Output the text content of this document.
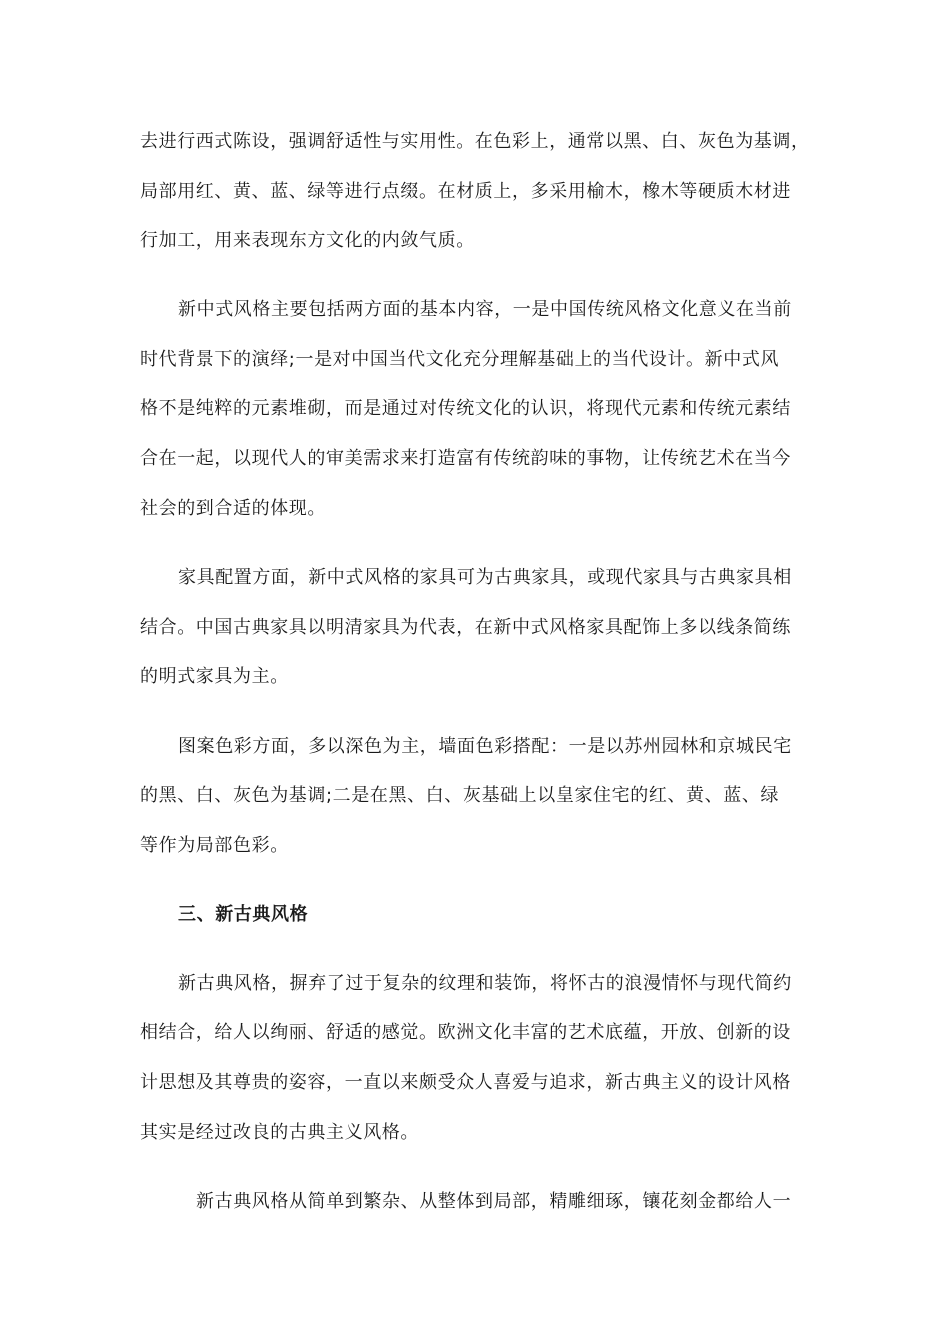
去进行西式陈设，强调舒适性与实用性。在色彩上，通常以黑、白、灰色为基调，
局部用红、黄、蓝、绿等进行点缀。在材质上，多采用榆木，橡木等硬质木材进
行加工，用来表现东方文化的内敛气质。
新中式风格主要包括两方面的基本内容，一是中国传统风格文化意义在当前
时代背景下的演绎;一是对中国当代文化充分理解基础上的当代设计。新中式风
格不是纯粹的元素堆砌，而是通过对传统文化的认识，将现代元素和传统元素结
合在一起，以现代人的审美需求来打造富有传统韵味的事物，让传统艺术在当今
社会的到合适的体现。
家具配置方面，新中式风格的家具可为古典家具，或现代家具与古典家具相
结合。中国古典家具以明清家具为代表，在新中式风格家具配饰上多以线条简练
的明式家具为主。
图案色彩方面，多以深色为主，墙面色彩搭配：一是以苏州园林和京城民宅
的黑、白、灰色为基调;二是在黑、白、灰基础上以皇家住宅的红、黄、蓝、绿
等作为局部色彩。
三、新古典风格
新古典风格，摒弃了过于复杂的纹理和装饰，将怀古的浪漫情怀与现代简约
相结合，给人以绚丽、舒适的感觉。欧洲文化丰富的艺术底蕴，开放、创新的设
计思想及其尊贵的姿容，一直以来颇受众人喜爱与追求，新古典主义的设计风格
其实是经过改良的古典主义风格。
新古典风格从简单到繁杂、从整体到局部，精雕细琢，镶花刻金都给人一
